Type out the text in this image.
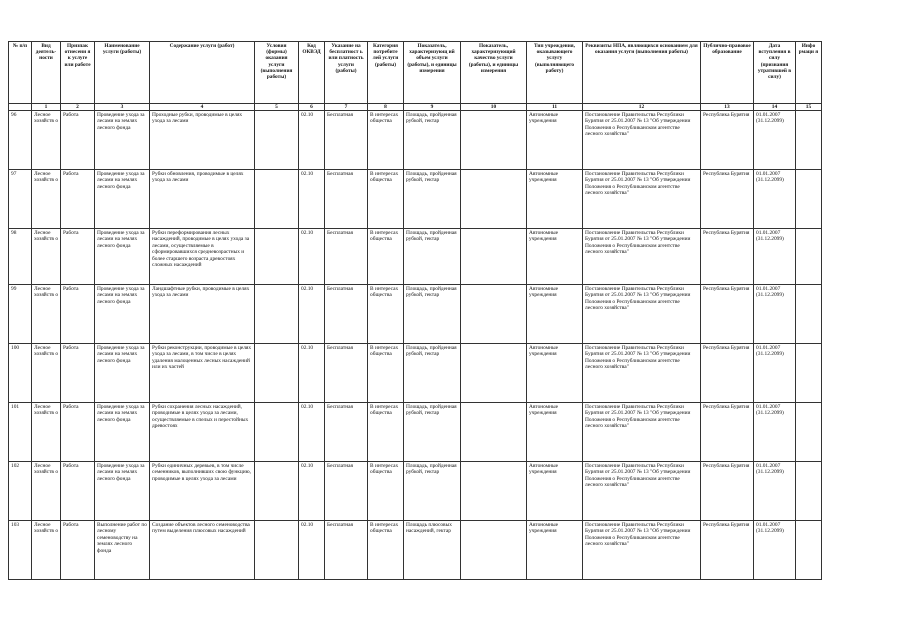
№ п/п	Вид деятель-ности	Призпак отнесени я к услуге или работе	Наименование услуги (работы)	Содержание услуги (работ)	Условия (формы) оказания услуги (выполнения работы)	Код ОКВЭД	Указание на бесплатност ь или платность услуги (работы)	Категория потребите лей услуги (работы)	Показатель, характеризующ ий объем услуги (работы), и единицы измерения	Показатель, характеризующий качество услуги (работы), и единицы измерения	Тип учреждения, оказывающего услугу (выполняющего работу)	Реквизиты НПА, являющихся основанием для оказания услуги (выполнения работы)	Публично-правовое образование	Дата вступления в силу (признания утратившей в силу)	Инфо рмаци я
	1	2	3	4	5	6	7	8	9	10	11	12	13	14	15

96	Лесное хозяйств о	Работа	Проведение ухода за лесами на землях лесного фонда	Проходные рубки, проводимые в целях ухода за лесами		02.10	Бесплатная	В интересах общества	Площадь, пройденная рубкой, гектар		Автономные учреждения	Постановление Правительства Республики Бурятия от 25.01.2007 № 13 "Об утверждении Положения о Республиканском агентстве лесного хозяйства"	Республика Бурятия	01.01.2007 (31.12.2099)	

97	Лесное хозяйств о	Работа	Проведение ухода за лесами на землях лесного фонда	Рубки обновления, проводимые в целях ухода за лесами		02.10	Бесплатная	В интересах общества	Площадь, пройденная рубкой, гектар		Автономные учреждения	Постановление Правительства Республики Бурятия от 25.01.2007 № 13 "Об утверждении Положения о Республиканском агентстве лесного хозяйства"	Республика Бурятия	01.01.2007 (31.12.2099)	

98	Лесное хозяйств о	Работа	Проведение ухода за лесами на землях лесного фонда	Рубки переформирования лесных насаждений, проводимые в целях ухода за лесами, осуществляемые в сформировавшихся средневозрастных и более старшего возраста древостоях сложных насаждений		02.10	Бесплатная	В интересах общества	Площадь, пройденная рубкой, гектар		Автономные учреждения	Постановление Правительства Республики Бурятия от 25.01.2007 № 13 "Об утверждении Положения о Республиканском агентстве лесного хозяйства"	Республика Бурятия	01.01.2007 (31.12.2099)	

99	Лесное хозяйств о	Работа	Проведение ухода за лесами на землях лесного фонда	Ландшафтные рубки, проводимые в целях ухода за лесами		02.10	Бесплатная	В интересах общества	Площадь, пройденная рубкой, гектар		Автономные учреждения	Постановление Правительства Республики Бурятия от 25.01.2007 № 13 "Об утверждении Положения о Республиканском агентстве лесного хозяйства"	Республика Бурятия	01.01.2007 (31.12.2099)	

100	Лесное хозяйств о	Работа	Проведение ухода за лесами на землях лесного фонда	Рубки реконструкции, проводимые в целях ухода за лесами, в том числе в целях удаления малоценных лесных насаждений или их частей		02.10	Бесплатная	В интересах общества	Площадь, пройденная рубкой, гектар		Автономные учреждения	Постановление Правительства Республики Бурятия от 25.01.2007 № 13 "Об утверждении Положения о Республиканском агентстве лесного хозяйства"	Республика Бурятия	01.01.2007 (31.12.2099)	

101	Лесное хозяйств о	Работа	Проведение ухода за лесами на землях лесного фонда	Рубки сохранения лесных насаждений, проводимые в целях ухода за лесами, осуществляемые в спелых и перестойных древостоях		02.10	Бесплатная	В интересах общества	Площадь, пройденная рубкой, гектар		Автономные учреждения	Постановление Правительства Республики Бурятия от 25.01.2007 № 13 "Об утверждении Положения о Республиканском агентстве лесного хозяйства"	Республика Бурятия	01.01.2007 (31.12.2099)	

102	Лесное хозяйств о	Работа	Проведение ухода за лесами на землях лесного фонда	Рубки единичных деревьев, в том числе семенников, выполнивших свою функцию, проводимые в целях ухода за лесами		02.10	Бесплатная	В интересах общества	Площадь, пройденная рубкой, гектар		Автономные учреждения	Постановление Правительства Республики Бурятия от 25.01.2007 № 13 "Об утверждении Положения о Республиканском агентстве лесного хозяйства"	Республика Бурятия	01.01.2007 (31.12.2099)	

103	Лесное хозяйств о	Работа	Выполнение работ по лесному семеноводству на землях лесного фонда	Создание объектов лесного семеноводства путем выделения плюсовых насаждений		02.10	Бесплатная	В интересах общества	Площадь плюсовых насаждений, гектар		Автономные учреждения	Постановление Правительства Республики Бурятия от 25.01.2007 № 13 "Об утверждении Положения о Республиканском агентстве лесного хозяйства"	Республика Бурятия	01.01.2007 (31.12.2099)	
